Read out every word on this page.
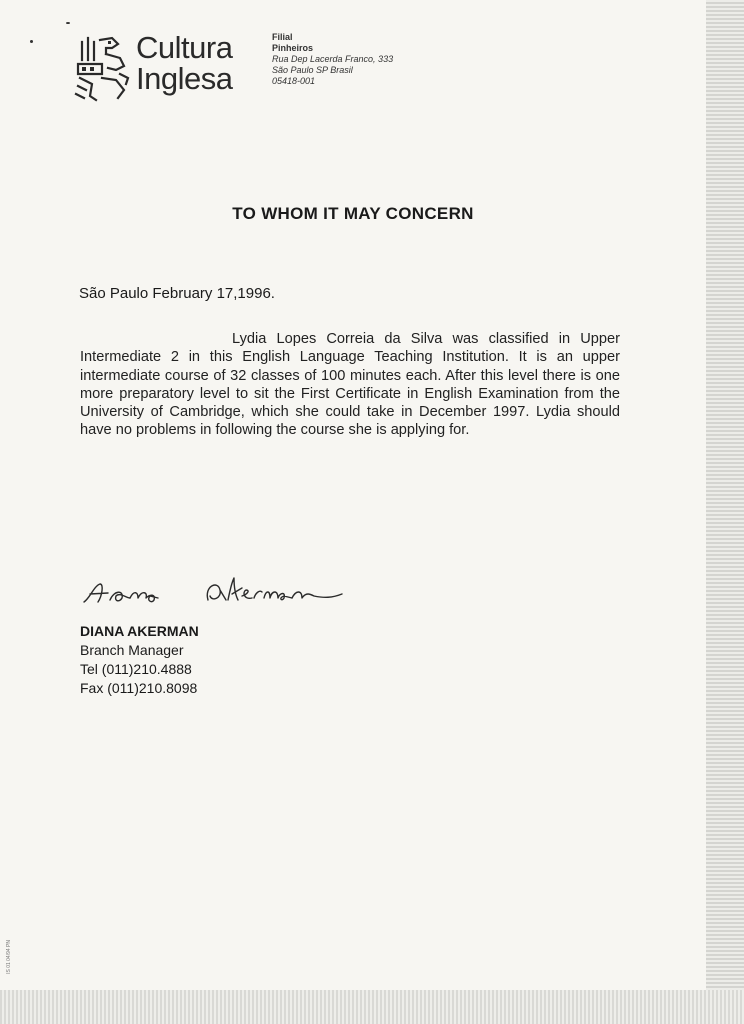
Cultura
Inglesa
Filial
Pinheiros
Rua Dep Lacerda Franco, 333
São Paulo SP Brasil
05418-001
TO WHOM IT MAY CONCERN
São Paulo February 17,1996.
Lydia Lopes Correia da Silva was classified in Upper Intermediate 2 in this English Language Teaching Institution. It is an upper intermediate course of 32 classes of 100 minutes each. After this level there is one more preparatory level to sit the First Certificate in English Examination from the University of Cambridge, which she could take in December 1997. Lydia should have no problems in following the course she is applying for.
DIANA AKERMAN
Branch Manager
Tel (011)210.4888
Fax (011)210.8098
IS 01 04/94 PN
